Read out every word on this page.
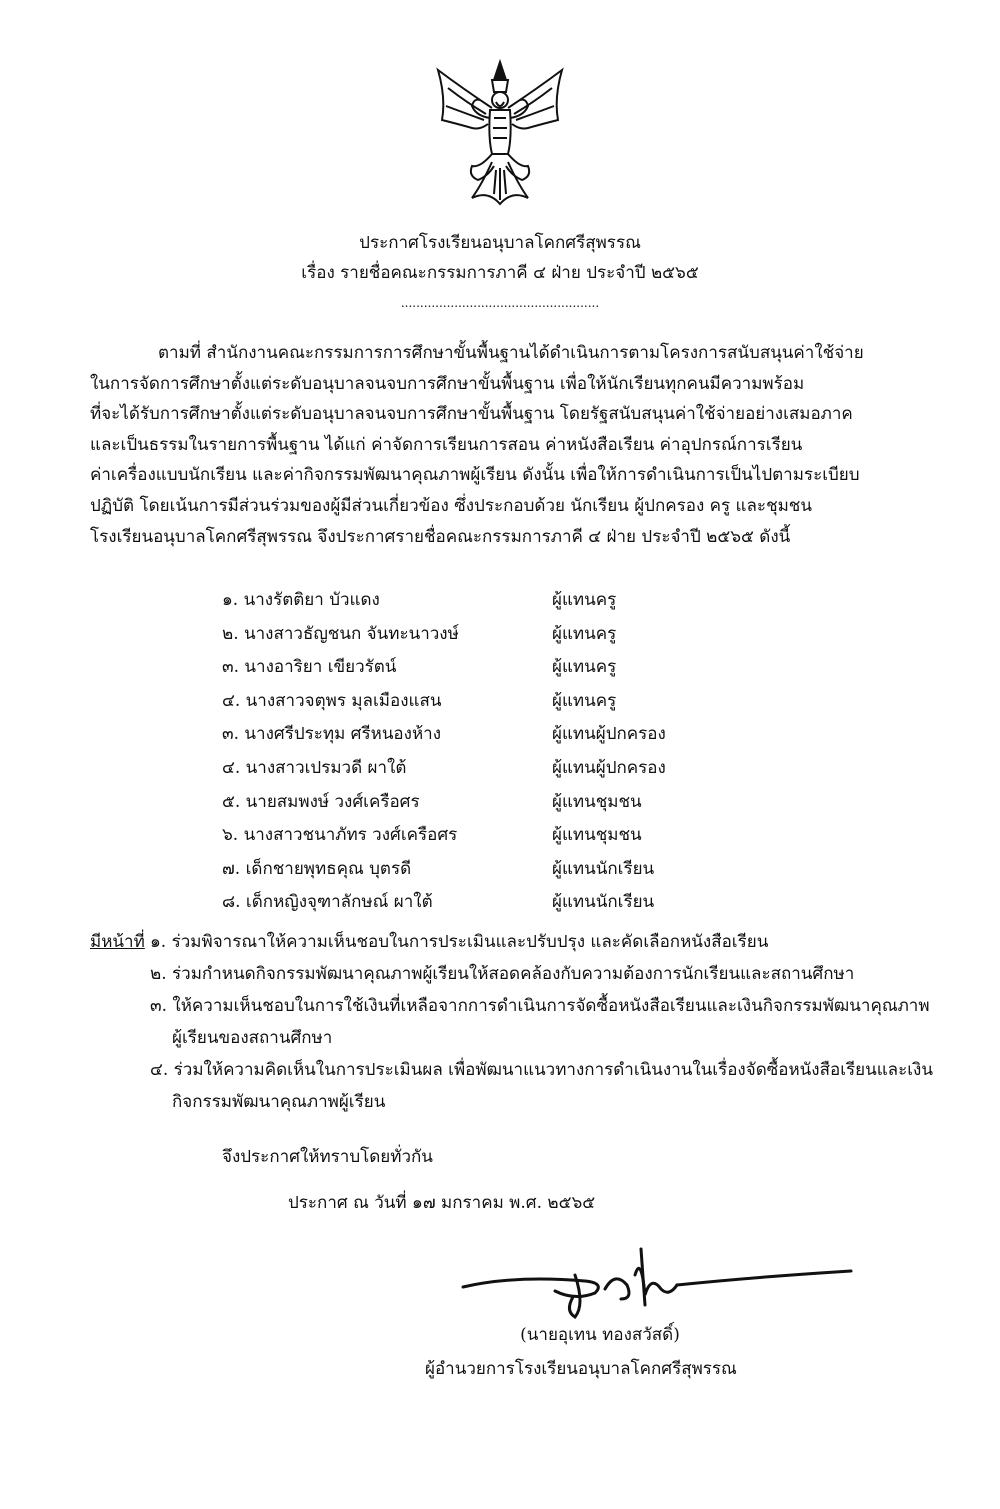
ประกาศโรงเรียนอนุบาลโคกศรีสุพรรณ
เรื่อง รายชื่อคณะกรรมการภาคี ๔ ฝ่าย ประจำปี ๒๕๖๕
....................................................
ตามที่ สำนักงานคณะกรรมการการศึกษาขั้นพื้นฐานได้ดำเนินการตามโครงการสนับสนุนค่าใช้จ่าย
ในการจัดการศึกษาตั้งแต่ระดับอนุบาลจนจบการศึกษาขั้นพื้นฐาน เพื่อให้นักเรียนทุกคนมีความพร้อม
ที่จะได้รับการศึกษาตั้งแต่ระดับอนุบาลจนจบการศึกษาขั้นพื้นฐาน โดยรัฐสนับสนุนค่าใช้จ่ายอย่างเสมอภาค
และเป็นธรรมในรายการพื้นฐาน ได้แก่ ค่าจัดการเรียนการสอน ค่าหนังสือเรียน ค่าอุปกรณ์การเรียน
ค่าเครื่องแบบนักเรียน และค่ากิจกรรมพัฒนาคุณภาพผู้เรียน ดังนั้น เพื่อให้การดำเนินการเป็นไปตามระเบียบ
ปฏิบัติ โดยเน้นการมีส่วนร่วมของผู้มีส่วนเกี่ยวข้อง ซึ่งประกอบด้วย นักเรียน ผู้ปกครอง ครู และชุมชน
โรงเรียนอนุบาลโคกศรีสุพรรณ จึงประกาศรายชื่อคณะกรรมการภาคี ๔ ฝ่าย ประจำปี ๒๕๖๕ ดังนี้
๑. นางรัตติยา บัวแดง	ผู้แทนครู
๒. นางสาวธัญชนก จันทะนาวงษ์	ผู้แทนครู
๓. นางอาริยา เขียวรัตน์	ผู้แทนครู
๔. นางสาวจตุพร มุลเมืองแสน	ผู้แทนครู
๓. นางศรีประทุม ศรีหนองห้าง	ผู้แทนผู้ปกครอง
๔. นางสาวเปรมวดี ผาใต้	ผู้แทนผู้ปกครอง
๕. นายสมพงษ์ วงศ์เครือศร	ผู้แทนชุมชน
๖. นางสาวชนาภัทร วงศ์เครือศร	ผู้แทนชุมชน
๗. เด็กชายพุทธคุณ บุตรดี	ผู้แทนนักเรียน
๘. เด็กหญิงจุฑาลักษณ์ ผาใต้	ผู้แทนนักเรียน
มีหน้าที่ ๑. ร่วมพิจารณาให้ความเห็นชอบในการประเมินและปรับปรุง และคัดเลือกหนังสือเรียน
๒. ร่วมกำหนดกิจกรรมพัฒนาคุณภาพผู้เรียนให้สอดคล้องกับความต้องการนักเรียนและสถานศึกษา
๓. ให้ความเห็นชอบในการใช้เงินที่เหลือจากการดำเนินการจัดซื้อหนังสือเรียนและเงินกิจกรรมพัฒนาคุณภาพผู้เรียนของสถานศึกษา
๔. ร่วมให้ความคิดเห็นในการประเมินผล เพื่อพัฒนาแนวทางการดำเนินงานในเรื่องจัดซื้อหนังสือเรียนและเงินกิจกรรมพัฒนาคุณภาพผู้เรียน
จึงประกาศให้ทราบโดยทั่วกัน
ประกาศ ณ วันที่ ๑๗ มกราคม พ.ศ. ๒๕๖๕
(นายอุเทน ทองสวัสดิ์)
ผู้อำนวยการโรงเรียนอนุบาลโคกศรีสุพรรณ
